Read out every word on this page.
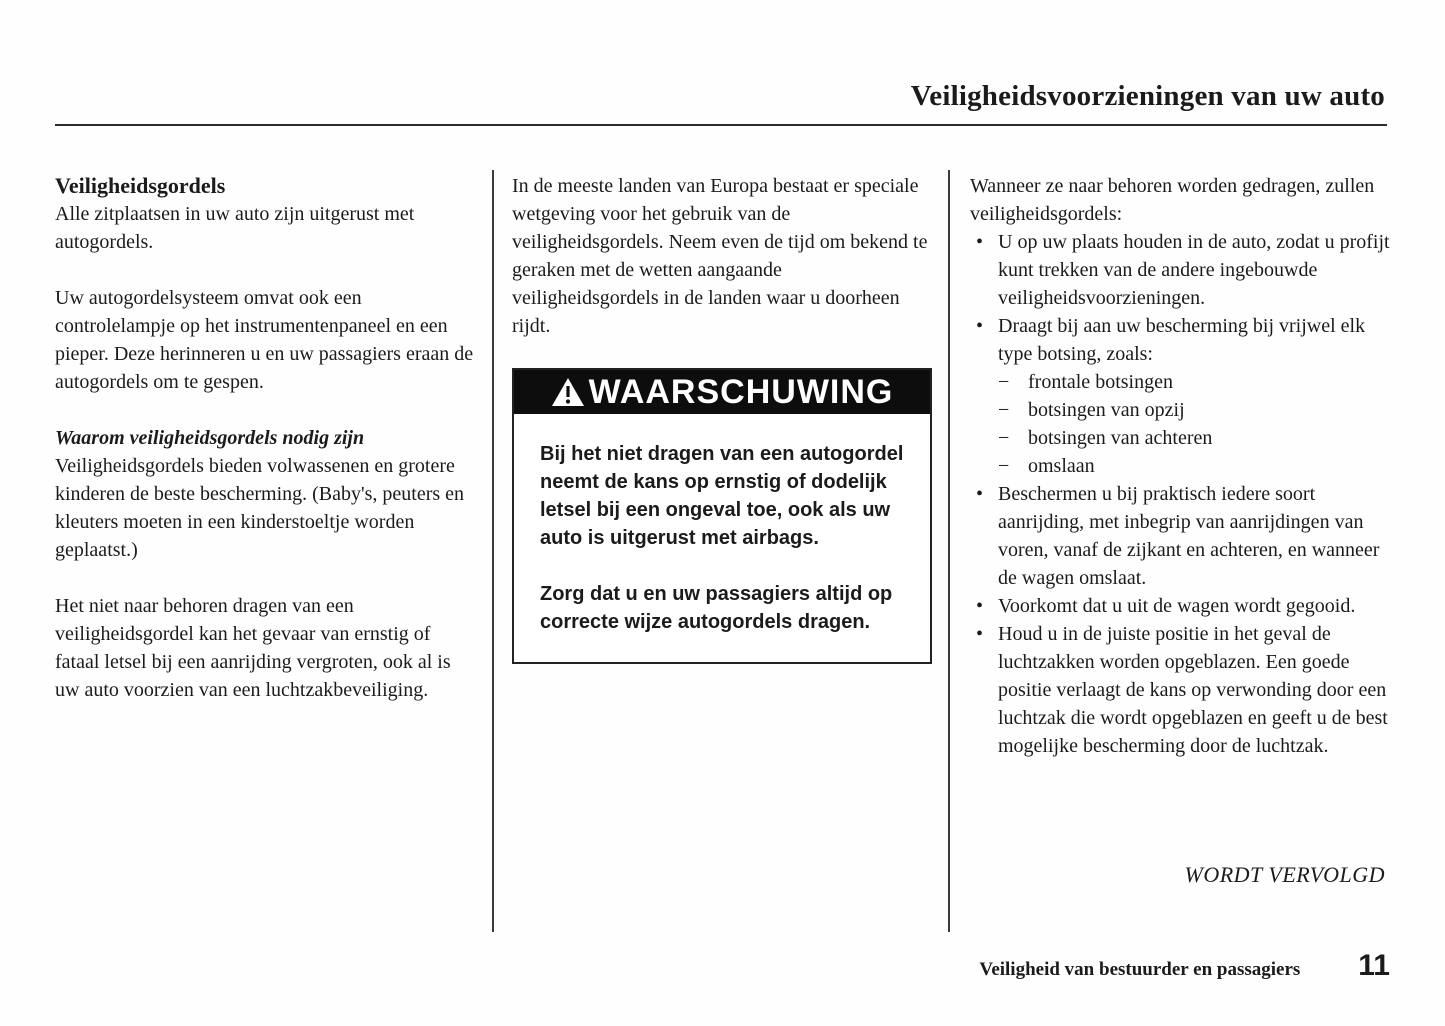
Veiligheidsvoorzieningen van uw auto
Veiligheidsgordels

Alle zitplaatsen in uw auto zijn uitgerust met autogordels.

Uw autogordelsysteem omvat ook een controlelampje op het instrumentenpaneel en een pieper. Deze herinneren u en uw passagiers eraan de autogordels om te gespen.

Waarom veiligheidsgordels nodig zijn

Veiligheidsgordels bieden volwassenen en grotere kinderen de beste bescherming. (Baby's, peuters en kleuters moeten in een kinderstoeltje worden geplaatst.)

Het niet naar behoren dragen van een veiligheidsgordel kan het gevaar van ernstig of fataal letsel bij een aanrijding vergroten, ook al is uw auto voorzien van een luchtzakbeveiliging.

In de meeste landen van Europa bestaat er speciale wetgeving voor het gebruik van de veiligheidsgordels. Neem even de tijd om bekend te geraken met de wetten aangaande veiligheidsgordels in de landen waar u doorheen rijdt.

WAARSCHUWING

Bij het niet dragen van een autogordel neemt de kans op ernstig of dodelijk letsel bij een ongeval toe, ook als uw auto is uitgerust met airbags.

Zorg dat u en uw passagiers altijd op correcte wijze autogordels dragen.

Wanneer ze naar behoren worden gedragen, zullen veiligheidsgordels:

• U op uw plaats houden in de auto, zodat u profijt kunt trekken van de andere ingebouwde veiligheidsvoorzieningen.
• Draagt bij aan uw bescherming bij vrijwel elk type botsing, zoals:
− frontale botsingen
− botsingen van opzij
− botsingen van achteren
− omslaan
• Beschermen u bij praktisch iedere soort aanrijding, met inbegrip van aanrijdingen van voren, vanaf de zijkant en achteren, en wanneer de wagen omslaat.
• Voorkomt dat u uit de wagen wordt gegooid.
• Houd u in de juiste positie in het geval de luchtzakken worden opgeblazen. Een goede positie verlaagt de kans op verwonding door een luchtzak die wordt opgeblazen en geeft u de best mogelijke bescherming door de luchtzak.
WORDT VERVOLGD
Veiligheid van bestuurder en passagiers 11
